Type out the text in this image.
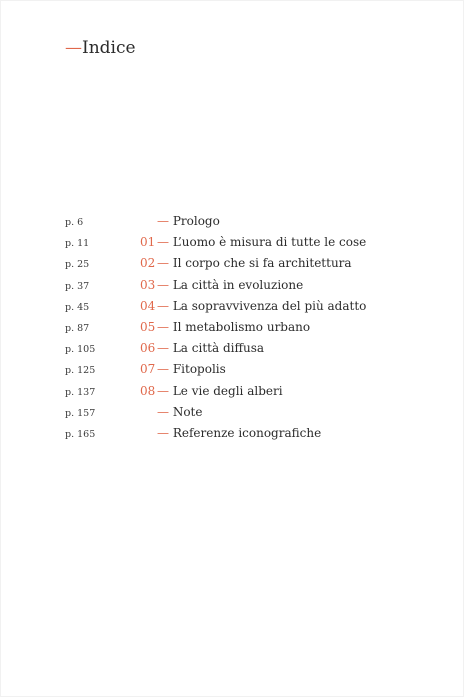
—Indice
p. 6	— Prologo
p. 11	01 — L’uomo è misura di tutte le cose
p. 25	02 — Il corpo che si fa architettura
p. 37	03 — La città in evoluzione
p. 45	04 — La sopravvivenza del più adatto
p. 87	05 — Il metabolismo urbano
p. 105	06 — La città diffusa
p. 125	07 — Fitopolis
p. 137	08 — Le vie degli alberi
p. 157	— Note
p. 165	— Referenze iconografiche
